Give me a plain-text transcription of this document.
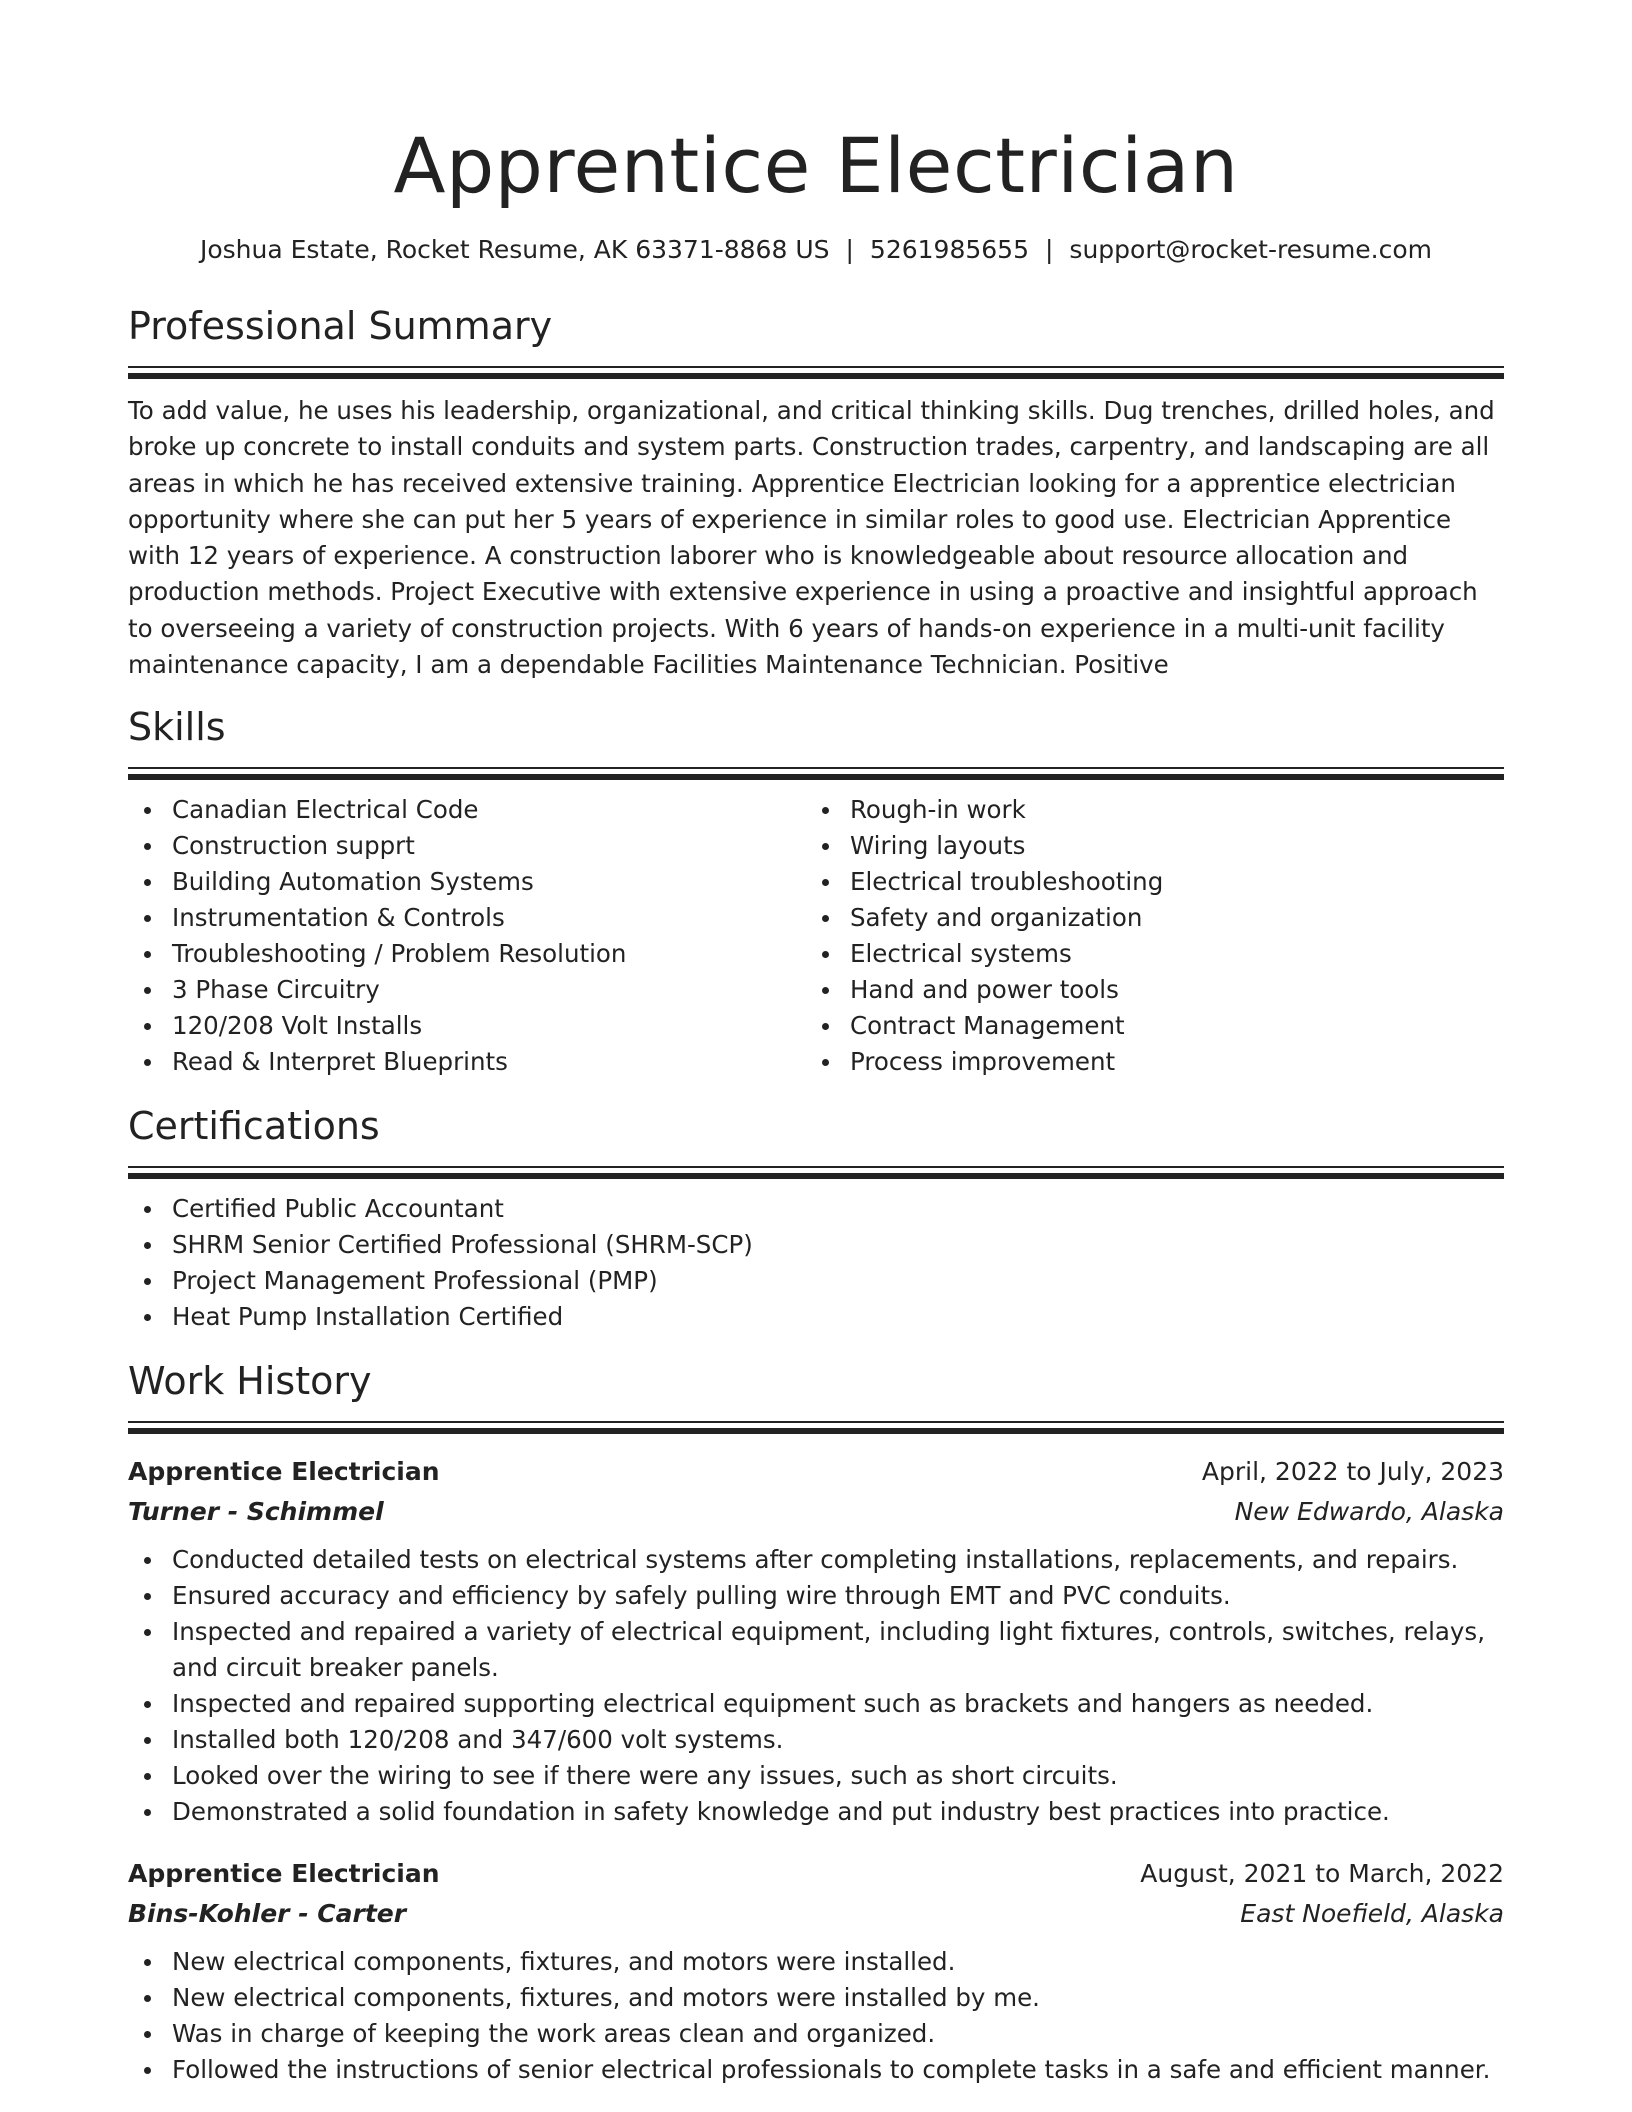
Apprentice Electrician
Joshua Estate, Rocket Resume, AK 63371-8868 US | 5261985655 | support@rocket-resume.com
Professional Summary
To add value, he uses his leadership, organizational, and critical thinking skills. Dug trenches, drilled holes, and broke up concrete to install conduits and system parts. Construction trades, carpentry, and landscaping are all areas in which he has received extensive training. Apprentice Electrician looking for a apprentice electrician opportunity where she can put her 5 years of experience in similar roles to good use. Electrician Apprentice with 12 years of experience. A construction laborer who is knowledgeable about resource allocation and production methods. Project Executive with extensive experience in using a proactive and insightful approach to overseeing a variety of construction projects. With 6 years of hands-on experience in a multi-unit facility maintenance capacity, I am a dependable Facilities Maintenance Technician. Positive
Skills
Canadian Electrical Code
Construction supprt
Building Automation Systems
Instrumentation & Controls
Troubleshooting / Problem Resolution
3 Phase Circuitry
120/208 Volt Installs
Read & Interpret Blueprints
Rough-in work
Wiring layouts
Electrical troubleshooting
Safety and organization
Electrical systems
Hand and power tools
Contract Management
Process improvement
Certifications
Certified Public Accountant
SHRM Senior Certified Professional (SHRM-SCP)
Project Management Professional (PMP)
Heat Pump Installation Certified
Work History
Apprentice Electrician	April, 2022 to July, 2023
Turner - Schimmel	New Edwardo, Alaska
Conducted detailed tests on electrical systems after completing installations, replacements, and repairs.
Ensured accuracy and efficiency by safely pulling wire through EMT and PVC conduits.
Inspected and repaired a variety of electrical equipment, including light fixtures, controls, switches, relays, and circuit breaker panels.
Inspected and repaired supporting electrical equipment such as brackets and hangers as needed.
Installed both 120/208 and 347/600 volt systems.
Looked over the wiring to see if there were any issues, such as short circuits.
Demonstrated a solid foundation in safety knowledge and put industry best practices into practice.
Apprentice Electrician	August, 2021 to March, 2022
Bins-Kohler - Carter	East Noefield, Alaska
New electrical components, fixtures, and motors were installed.
New electrical components, fixtures, and motors were installed by me.
Was in charge of keeping the work areas clean and organized.
Followed the instructions of senior electrical professionals to complete tasks in a safe and efficient manner.
